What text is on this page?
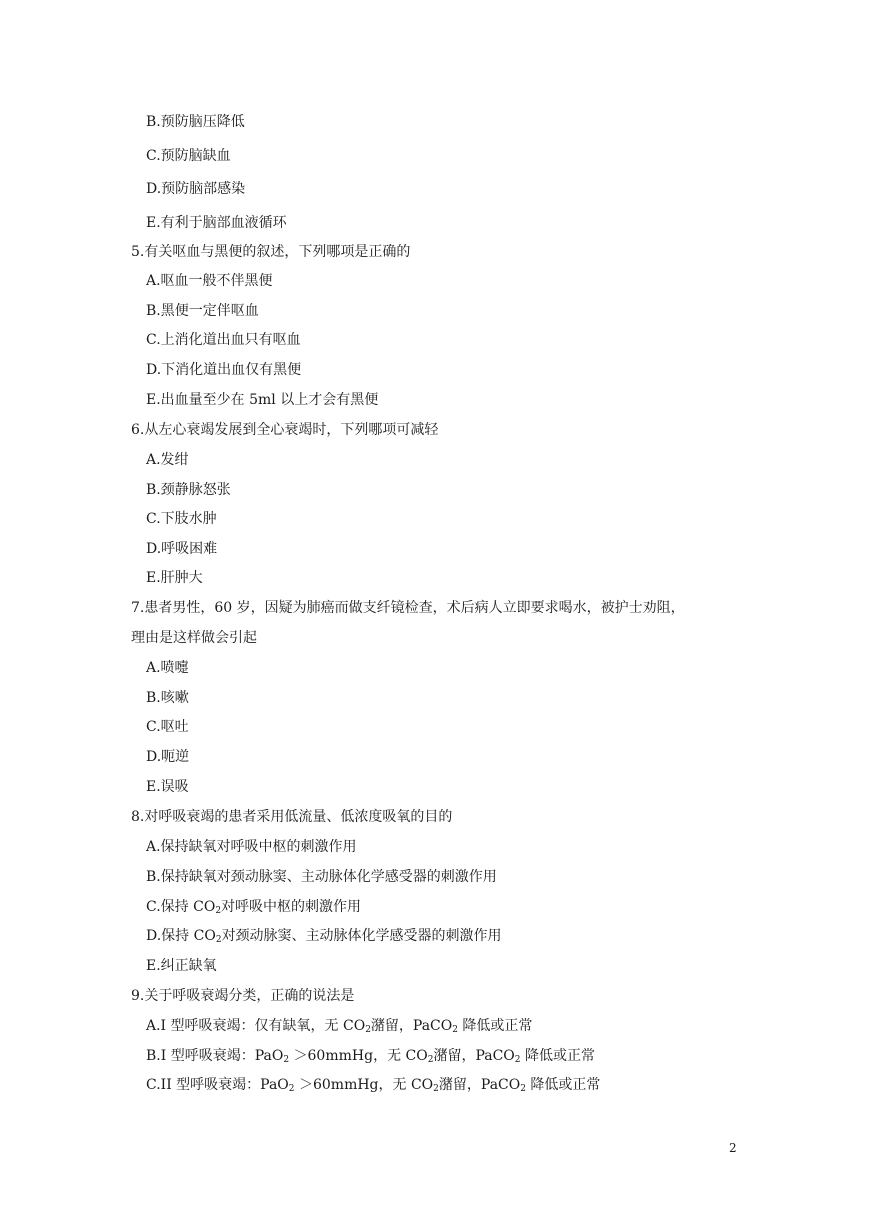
B.预防脑压降低
C.预防脑缺血
D.预防脑部感染
E.有利于脑部血液循环
5.有关呕血与黑便的叙述，下列哪项是正确的
A.呕血一般不伴黑便
B.黑便一定伴呕血
C.上消化道出血只有呕血
D.下消化道出血仅有黑便
E.出血量至少在 5ml 以上才会有黑便
6.从左心衰竭发展到全心衰竭时，下列哪项可减轻
A.发绀
B.颈静脉怒张
C.下肢水肿
D.呼吸困难
E.肝肿大
7.患者男性，60 岁，因疑为肺癌而做支纤镜检查，术后病人立即要求喝水，被护士劝阻，
理由是这样做会引起
A.喷嚏
B.咳嗽
C.呕吐
D.呃逆
E.误吸
8.对呼吸衰竭的患者采用低流量、低浓度吸氧的目的
A.保持缺氧对呼吸中枢的刺激作用
B.保持缺氧对颈动脉窦、主动脉体化学感受器的刺激作用
C.保持 $CO_2$对呼吸中枢的刺激作用
D.保持 $CO_2$对颈动脉窦、主动脉体化学感受器的刺激作用
E.纠正缺氧
9.关于呼吸衰竭分类，正确的说法是
A.I 型呼吸衰竭：仅有缺氧，无 $CO_2$潴留，PaCO$_2$ 降低或正常
B.I 型呼吸衰竭：PaO$_2$ ＞60mmHg，无 $CO_2$潴留，PaCO$_2$ 降低或正常
C.II 型呼吸衰竭：PaO$_2$ ＞60mmHg，无 $CO_2$潴留，PaCO$_2$ 降低或正常
2
